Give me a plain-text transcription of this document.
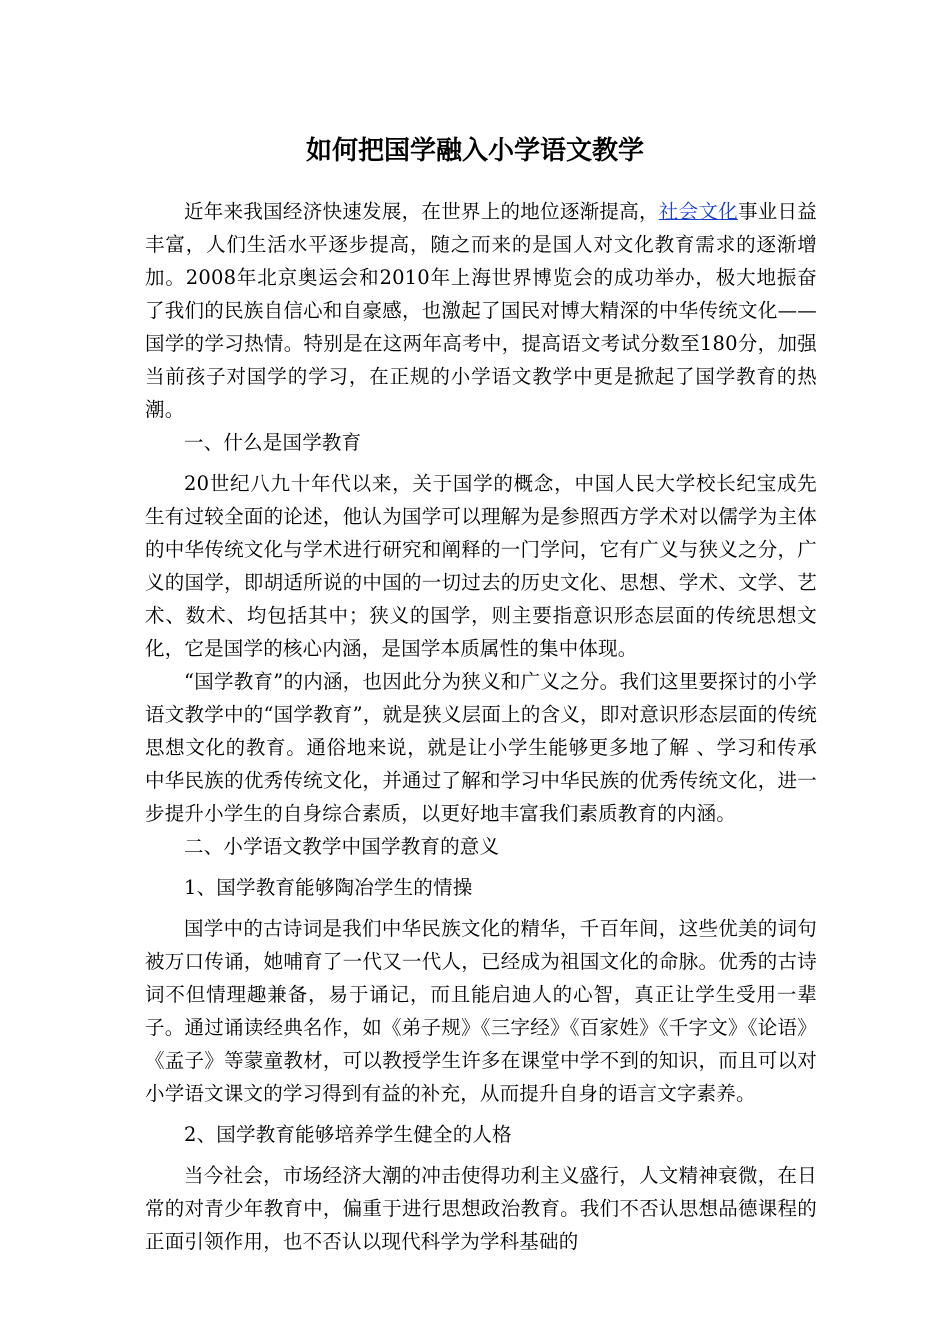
如何把国学融入小学语文教学

近年来我国经济快速发展，在世界上的地位逐渐提高，社会文化事业日益丰富，人们生活水平逐步提高，随之而来的是国人对文化教育需求的逐渐增加。2008年北京奥运会和2010年上海世界博览会的成功举办，极大地振奋了我们的民族自信心和自豪感，也激起了国民对博大精深的中华传统文化——国学的学习热情。特别是在这两年高考中，提高语文考试分数至180分，加强当前孩子对国学的学习，在正规的小学语文教学中更是掀起了国学教育的热潮。

一、什么是国学教育

20世纪八九十年代以来，关于国学的概念，中国人民大学校长纪宝成先生有过较全面的论述，他认为国学可以理解为是参照西方学术对以儒学为主体的中华传统文化与学术进行研究和阐释的一门学问，它有广义与狭义之分，广义的国学，即胡适所说的中国的一切过去的历史文化、思想、学术、文学、艺术、数术、均包括其中；狭义的国学，则主要指意识形态层面的传统思想文化，它是国学的核心内涵，是国学本质属性的集中体现。

“国学教育”的内涵，也因此分为狭义和广义之分。我们这里要探讨的小学语文教学中的“国学教育”，就是狭义层面上的含义，即对意识形态层面的传统思想文化的教育。通俗地来说，就是让小学生能够更多地了解 、学习和传承中华民族的优秀传统文化，并通过了解和学习中华民族的优秀传统文化，进一步提升小学生的自身综合素质，以更好地丰富我们素质教育的内涵。

二、小学语文教学中国学教育的意义

1、国学教育能够陶冶学生的情操

国学中的古诗词是我们中华民族文化的精华，千百年间，这些优美的词句被万口传诵，她哺育了一代又一代人，已经成为祖国文化的命脉。优秀的古诗词不但情理趣兼备，易于诵记，而且能启迪人的心智，真正让学生受用一辈子。通过诵读经典名作，如《弟子规》《三字经》《百家姓》《千字文》《论语》《孟子》等蒙童教材，可以教授学生许多在课堂中学不到的知识，而且可以对小学语文课文的学习得到有益的补充，从而提升自身的语言文字素养。

2、国学教育能够培养学生健全的人格

当今社会，市场经济大潮的冲击使得功利主义盛行，人文精神衰微，在日常的对青少年教育中，偏重于进行思想政治教育。我们不否认思想品德课程的正面引领作用，也不否认以现代科学为学科基础的
